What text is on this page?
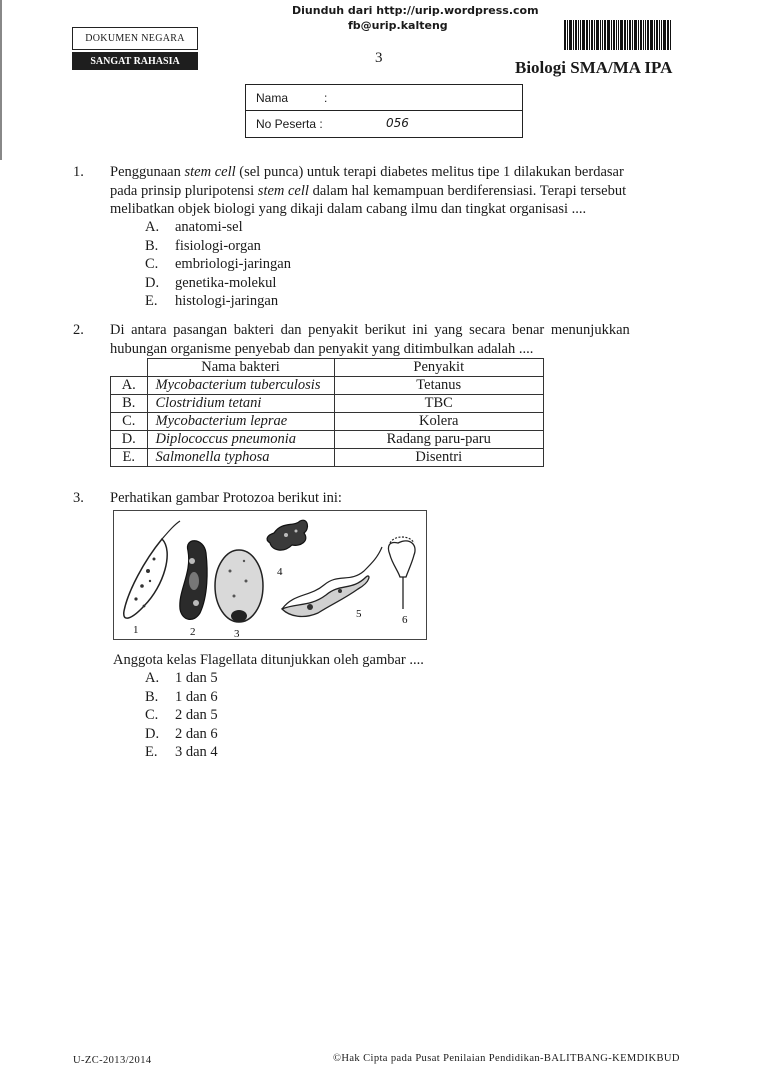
Diunduh dari http://urip.wordpress.com
fb@urip.kalteng
DOKUMEN NEGARA
SANGAT RAHASIA	3	Biologi SMA/MA IPA
Nama	:
No Peserta :	056
1. Penggunaan stem cell (sel punca) untuk terapi diabetes melitus tipe 1 dilakukan berdasar
pada prinsip pluripotensi stem cell dalam hal kemampuan berdiferensiasi. Terapi tersebut
melibatkan objek biologi yang dikaji dalam cabang ilmu dan tingkat organisasi ....
A. anatomi-sel
B. fisiologi-organ
C. embriologi-jaringan
D. genetika-molekul
E. histologi-jaringan
2. Di antara pasangan bakteri dan penyakit berikut ini yang secara benar menunjukkan
hubungan organisme penyebab dan penyakit yang ditimbulkan adalah ....
	Nama bakteri	Penyakit
A.	Mycobacterium tuberculosis	Tetanus
B.	Clostridium tetani	TBC
C.	Mycobacterium leprae	Kolera
D.	Diplococcus pneumonia	Radang paru-paru
E.	Salmonella typhosa	Disentri
3. Perhatikan gambar Protozoa berikut ini:
1	2	3
4
5	6
Anggota kelas Flagellata ditunjukkan oleh gambar ....
A. 1 dan 5
B. 1 dan 6
C. 2 dan 5
D. 2 dan 6
E. 3 dan 4
U-ZC-2013/2014	©Hak Cipta pada Pusat Penilaian Pendidikan-BALITBANG-KEMDIKBUD
